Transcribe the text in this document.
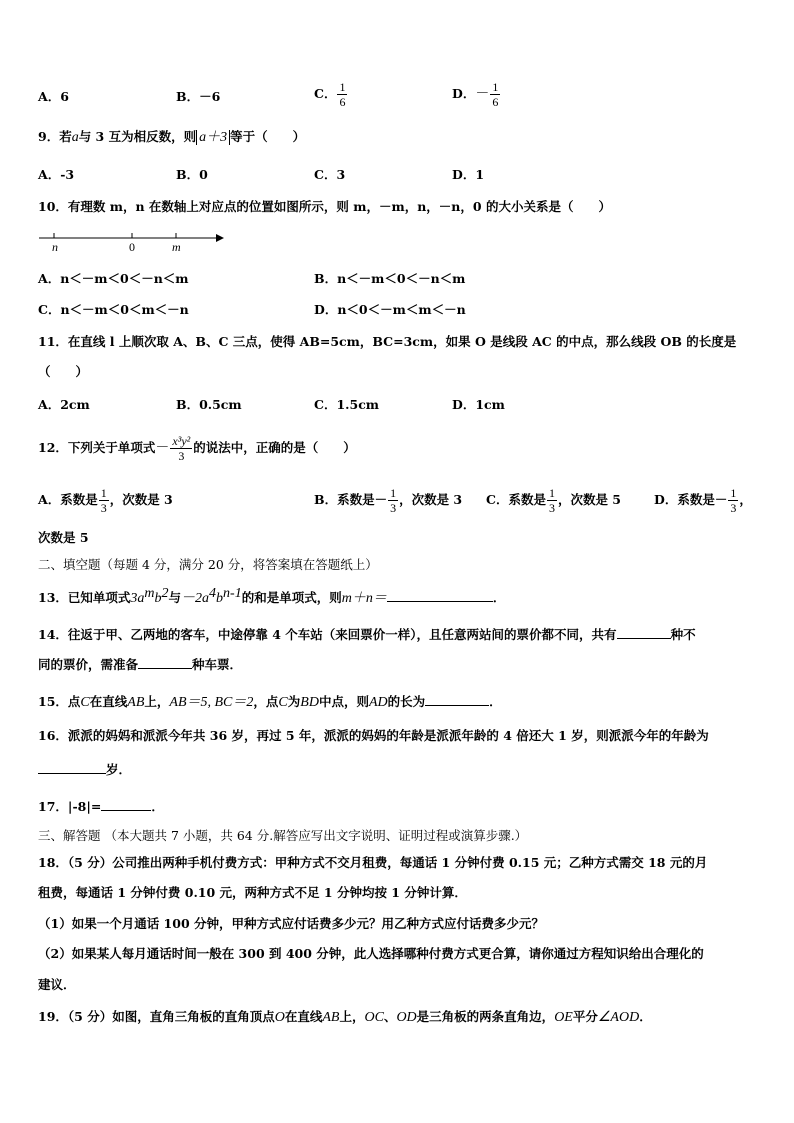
A．6	B．－6	C． $\frac{1}{6}$	D．－ $\frac{1}{6}$
9．若a与 3 互为相反数，则 a＋3 等于（　　）
A．-3	B．0	C．3	D．1
10．有理数 m，n 在数轴上对应点的位置如图所示，则 m，－m，n，－n，0 的大小关系是（　　）
n	0	m
A．n＜－m＜0＜－n＜m	B．n＜－m＜0＜－n＜m
C．n＜－m＜0＜m＜－n	D．n＜0＜－m＜m＜－n
11．在直线 l 上顺次取 A、B、C 三点，使得 AB=5cm，BC=3cm，如果 O 是线段 AC 的中点，那么线段 OB 的长度是
（　　）
A．2cm	B．0.5cm	C．1.5cm	D．1cm
12．下列关于单项式－ $\frac{\text{x³y²}}{3}$ 的说法中，正确的是（　　）
A．系数是 $\frac{1}{3}$ ，次数是 3	B．系数是－ $\frac{1}{3}$ ，次数是 3 C．系数是 $\frac{1}{3}$ ，次数是 5	D．系数是－ $\frac{1}{3}$ ，
次数是 5
二、填空题（每题 4 分，满分 20 分，将答案填在答题纸上）
13．已知单项式$3a^mb^2$与$-2a^4b^{n-1}$的和是单项式，则m＋n＝	．
14．往返于甲、乙两地的客车，中途停靠 4 个车站（来回票价一样），且任意两站间的票价都不同，共有	种不
同的票价，需准备	种车票．
15．点C在直线AB上，AB＝5, BC＝2，点C为BD中点，则AD的长为	．
16．派派的妈妈和派派今年共 36 岁，再过 5 年，派派的妈妈的年龄是派派年龄的 4 倍还大 1 岁，则派派今年的年龄为
岁．
17．|-8|=	．
三、解答题 （本大题共 7 小题，共 64 分.解答应写出文字说明、证明过程或演算步骤.）
18．（5 分）公司推出两种手机付费方式：甲种方式不交月租费，每通话 1 分钟付费 0.15 元；乙种方式需交 18 元的月
租费，每通话 1 分钟付费 0.10 元，两种方式不足 1 分钟均按 1 分钟计算．
（1）如果一个月通话 100 分钟，甲种方式应付话费多少元？用乙种方式应付话费多少元？
（2）如果某人每月通话时间一般在 300 到 400 分钟，此人选择哪种付费方式更合算，请你通过方程知识给出合理化的
建议．
19．（5 分）如图，直角三角板的直角顶点O在直线AB上，OC、OD是三角板的两条直角边，OE平分∠AOD．
